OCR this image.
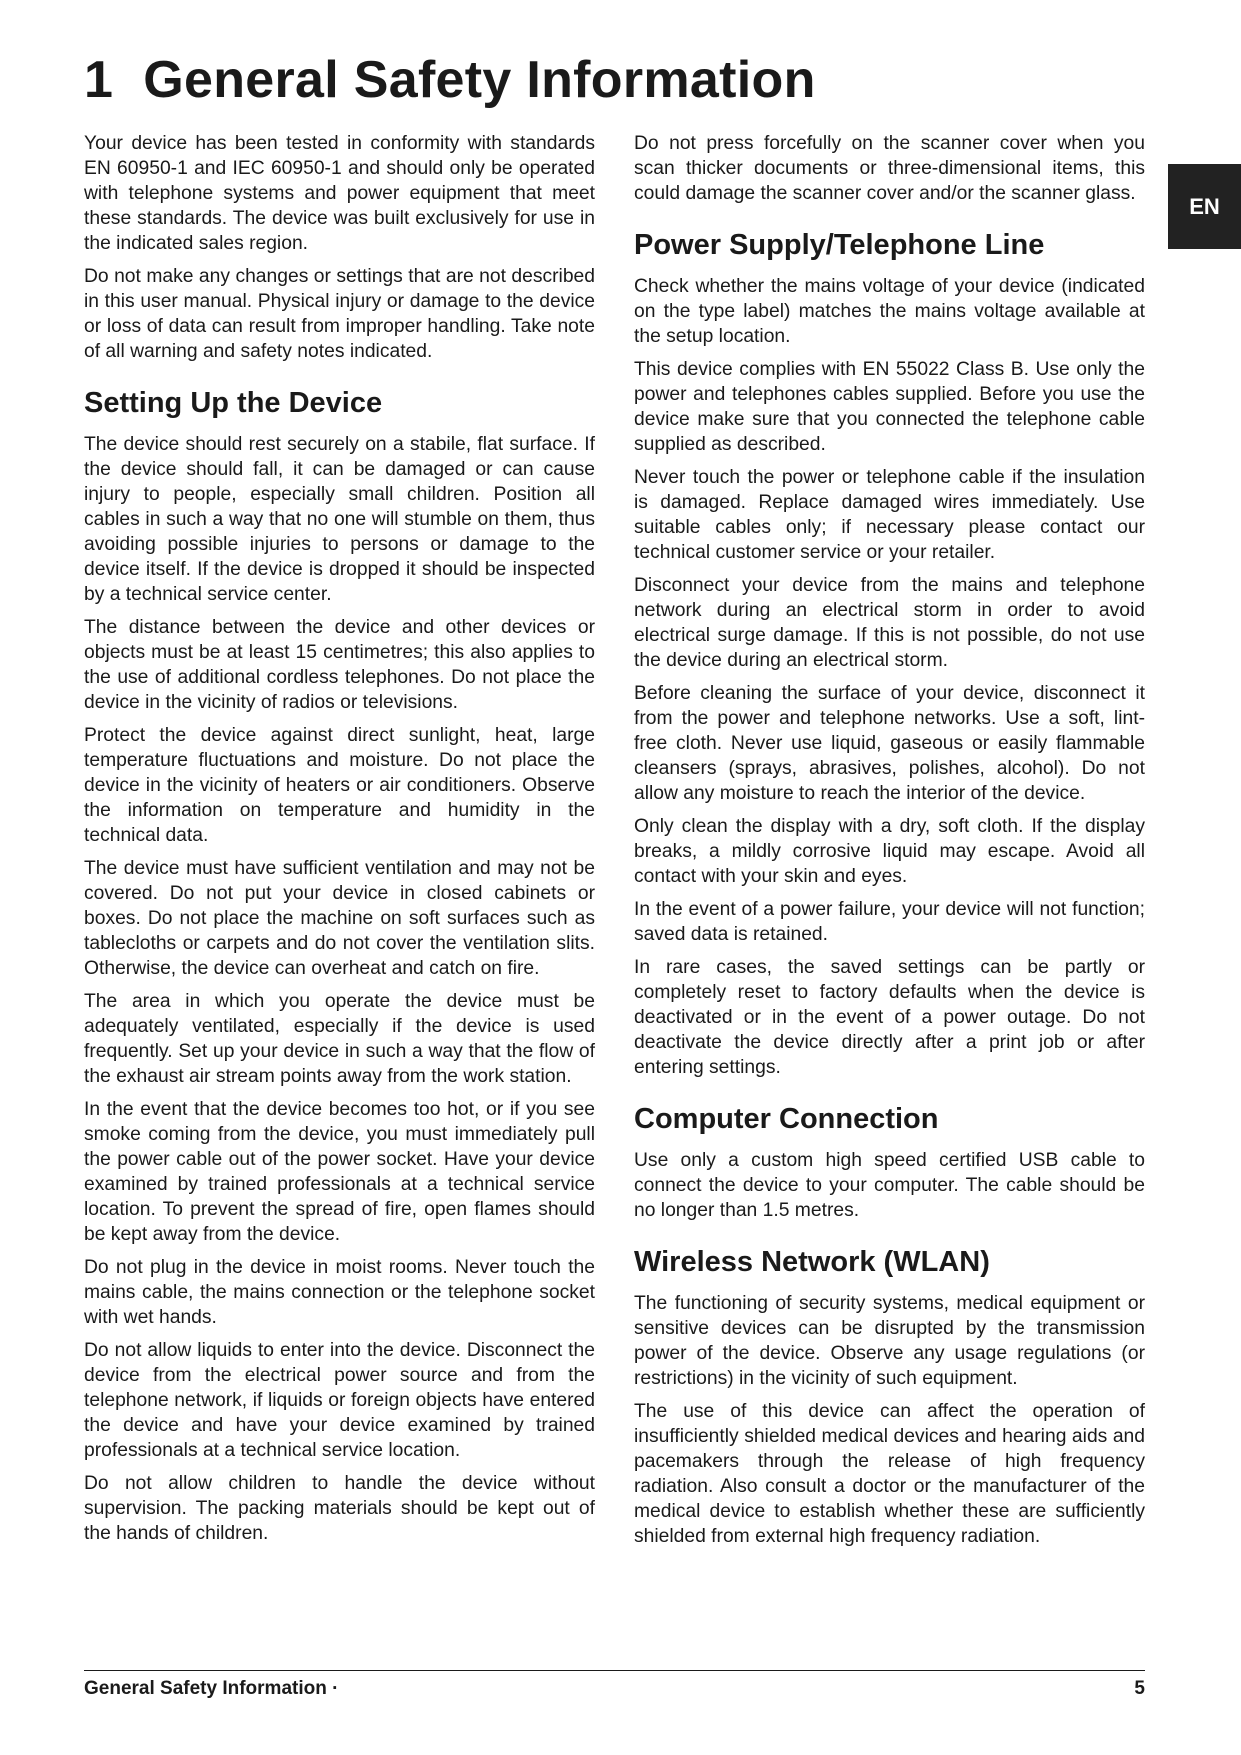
1 General Safety Information
EN

Your device has been tested in conformity with standards EN 60950-1 and IEC 60950-1 and should only be operated with telephone systems and power equipment that meet these standards. The device was built exclusively for use in the indicated sales region.

Do not make any changes or settings that are not described in this user manual. Physical injury or damage to the device or loss of data can result from improper handling. Take note of all warning and safety notes indicated.

Setting Up the Device

The device should rest securely on a stabile, flat surface. If the device should fall, it can be damaged or can cause injury to people, especially small children. Position all cables in such a way that no one will stumble on them, thus avoiding possible injuries to persons or damage to the device itself. If the device is dropped it should be inspected by a technical service center.

The distance between the device and other devices or objects must be at least 15 centimetres; this also applies to the use of additional cordless telephones. Do not place the device in the vicinity of radios or televisions.

Protect the device against direct sunlight, heat, large temperature fluctuations and moisture. Do not place the device in the vicinity of heaters or air conditioners. Observe the information on temperature and humidity in the technical data.

The device must have sufficient ventilation and may not be covered. Do not put your device in closed cabinets or boxes. Do not place the machine on soft surfaces such as tablecloths or carpets and do not cover the ventilation slits. Otherwise, the device can overheat and catch on fire.

The area in which you operate the device must be adequately ventilated, especially if the device is used frequently. Set up your device in such a way that the flow of the exhaust air stream points away from the work station.

In the event that the device becomes too hot, or if you see smoke coming from the device, you must immediately pull the power cable out of the power socket. Have your device examined by trained professionals at a technical service location. To prevent the spread of fire, open flames should be kept away from the device.

Do not plug in the device in moist rooms. Never touch the mains cable, the mains connection or the telephone socket with wet hands.

Do not allow liquids to enter into the device. Disconnect the device from the electrical power source and from the telephone network, if liquids or foreign objects have entered the device and have your device examined by trained professionals at a technical service location.

Do not allow children to handle the device without supervision. The packing materials should be kept out of the hands of children.

Do not press forcefully on the scanner cover when you scan thicker documents or three-dimensional items, this could damage the scanner cover and/or the scanner glass.

Power Supply/Telephone Line

Check whether the mains voltage of your device (indicated on the type label) matches the mains voltage available at the setup location.

This device complies with EN 55022 Class B. Use only the power and telephones cables supplied. Before you use the device make sure that you connected the telephone cable supplied as described.

Never touch the power or telephone cable if the insulation is damaged. Replace damaged wires immediately. Use suitable cables only; if necessary please contact our technical customer service or your retailer.

Disconnect your device from the mains and telephone network during an electrical storm in order to avoid electrical surge damage. If this is not possible, do not use the device during an electrical storm.

Before cleaning the surface of your device, disconnect it from the power and telephone networks. Use a soft, lint-free cloth. Never use liquid, gaseous or easily flammable cleansers (sprays, abrasives, polishes, alcohol). Do not allow any moisture to reach the interior of the device.

Only clean the display with a dry, soft cloth. If the display breaks, a mildly corrosive liquid may escape. Avoid all contact with your skin and eyes.

In the event of a power failure, your device will not function; saved data is retained.

In rare cases, the saved settings can be partly or completely reset to factory defaults when the device is deactivated or in the event of a power outage. Do not deactivate the device directly after a print job or after entering settings.

Computer Connection

Use only a custom high speed certified USB cable to connect the device to your computer. The cable should be no longer than 1.5 metres.

Wireless Network (WLAN)

The functioning of security systems, medical equipment or sensitive devices can be disrupted by the transmission power of the device. Observe any usage regulations (or restrictions) in the vicinity of such equipment.

The use of this device can affect the operation of insufficiently shielded medical devices and hearing aids and pacemakers through the release of high frequency radiation. Also consult a doctor or the manufacturer of the medical device to establish whether these are sufficiently shielded from external high frequency radiation.

General Safety Information ·	5
